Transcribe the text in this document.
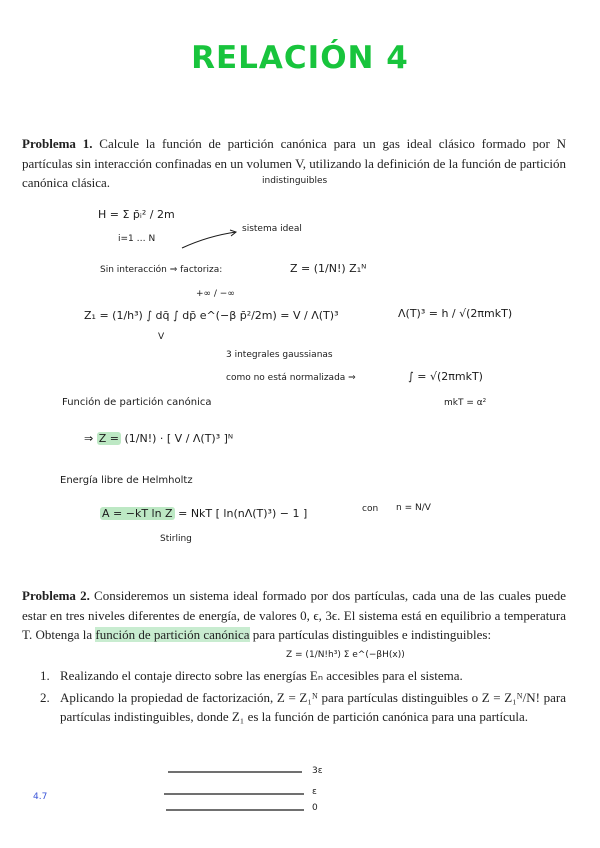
RELACIÓN 4
Problema 1. Calcule la función de partición canónica para un gas ideal clásico formado por N partículas sin interacción confinadas en un volumen V, utilizando la definición de la función de partición canónica clásica.	indistinguibles
H = Σ p̄ᵢ² / 2m
i=1 … N
sistema ideal
Sin interacción ⇒ factoriza:	Z = (1/N!) Z₁ᴺ
+∞ / −∞
Z₁ = (1/h³) ∫ dq̄ ∫ dp̄ e^(−β p̄²/2m) = V / Λ(T)³
V
Λ(T)³ = h / √(2πmkT)
3 integrales gaussianas
como no está normalizada ⇒	∫ = √(2πmkT)
mkT = α²
Función de partición canónica
⇒ Z = (1/N!) · [ V / Λ(T)³ ]ᴺ
Energía libre de Helmholtz
A = −kT ln Z = NkT [ ln(nΛ(T)³) − 1 ]	con n = N/V
Stirling
Problema 2. Consideremos un sistema ideal formado por dos partículas, cada una de las cuales puede estar en tres niveles diferentes de energía, de valores 0, ϵ, 3ϵ. El sistema está en equilibrio a temperatura T. Obtenga la función de partición canónica para partículas distinguibles e indistinguibles:
Z = (1/N!h³) Σ e^(−βH(x))
1. Realizando el contaje directo sobre las energías Eₙ accesibles para el sistema.
2. Aplicando la propiedad de factorización, Z = Z₁ᴺ para partículas distinguibles o Z = Z₁ᴺ/N! para partículas indistinguibles, donde Z₁ es la función de partición canónica para una partícula.
3ε
ε
0
4.7
